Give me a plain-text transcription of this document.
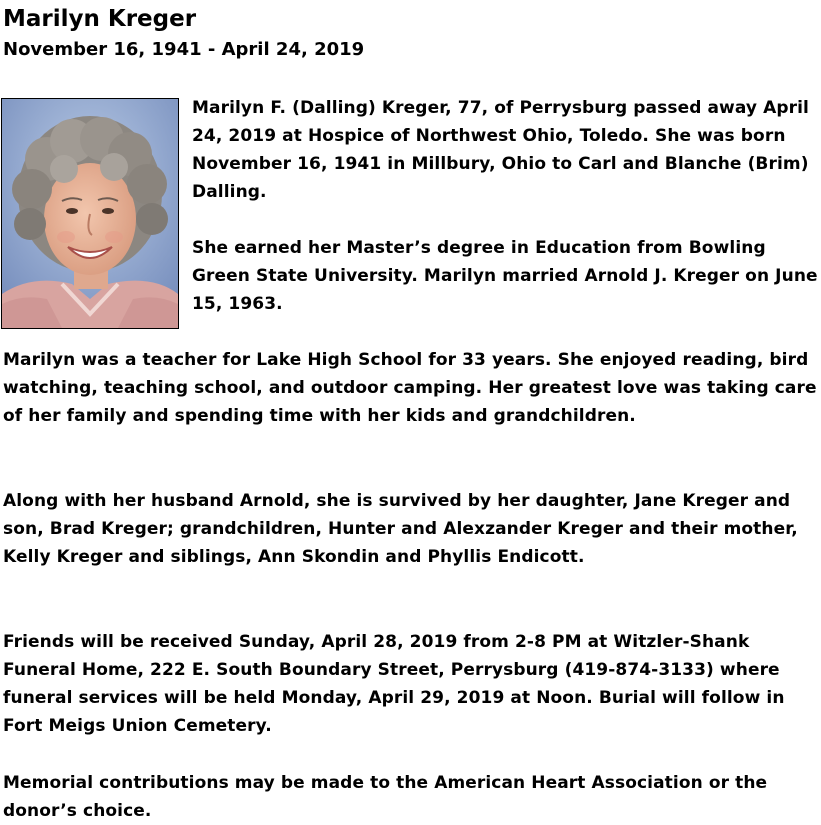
Marilyn Kreger
November 16, 1941 - April 24, 2019
Marilyn F. (Dalling) Kreger, 77, of Perrysburg passed away April 24, 2019 at Hospice of Northwest Ohio, Toledo. She was born November 16, 1941 in Millbury, Ohio to Carl and Blanche (Brim) Dalling.
She earned her Master’s degree in Education from Bowling Green State University. Marilyn married Arnold J. Kreger on June 15, 1963.
Marilyn was a teacher for Lake High School for 33 years. She enjoyed reading, bird watching, teaching school, and outdoor camping. Her greatest love was taking care of her family and spending time with her kids and grandchildren.
Along with her husband Arnold, she is survived by her daughter, Jane Kreger and son, Brad Kreger; grandchildren, Hunter and Alexzander Kreger and their mother, Kelly Kreger and siblings, Ann Skondin and Phyllis Endicott.
Friends will be received Sunday, April 28, 2019 from 2-8 PM at Witzler-Shank Funeral Home, 222 E. South Boundary Street, Perrysburg (419-874-3133) where funeral services will be held Monday, April 29, 2019 at Noon. Burial will follow in Fort Meigs Union Cemetery.
Memorial contributions may be made to the American Heart Association or the donor’s choice.
